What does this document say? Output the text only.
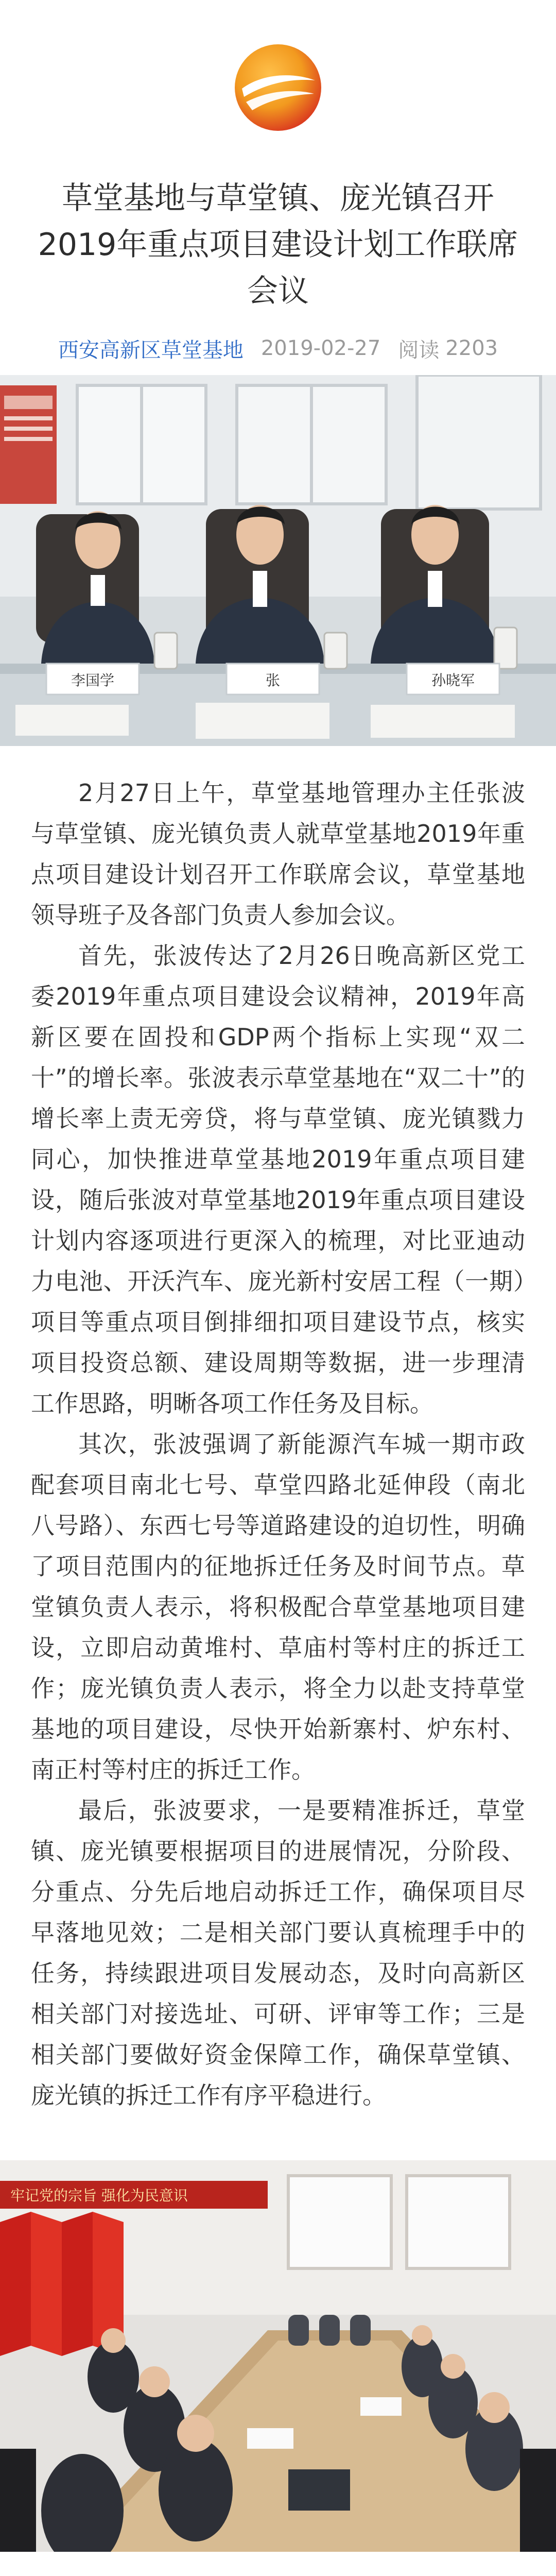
草堂基地与草堂镇、庞光镇召开2019年重点项目建设计划工作联席会议
西安高新区草堂基地 2019-02-27 阅读 2203
李国学	张	孙晓军

2月27日上午，草堂基地管理办主任张波与草堂镇、庞光镇负责人就草堂基地2019年重点项目建设计划召开工作联席会议，草堂基地领导班子及各部门负责人参加会议。

首先，张波传达了2月26日晚高新区党工委2019年重点项目建设会议精神，2019年高新区要在固投和GDP两个指标上实现“双二十”的增长率。张波表示草堂基地在“双二十”的增长率上责无旁贷，将与草堂镇、庞光镇戮力同心，加快推进草堂基地2019年重点项目建设，随后张波对草堂基地2019年重点项目建设计划内容逐项进行更深入的梳理，对比亚迪动力电池、开沃汽车、庞光新村安居工程（一期）项目等重点项目倒排细扣项目建设节点，核实项目投资总额、建设周期等数据，进一步理清工作思路，明晰各项工作任务及目标。

其次，张波强调了新能源汽车城一期市政配套项目南北七号、草堂四路北延伸段（南北八号路）、东西七号等道路建设的迫切性，明确了项目范围内的征地拆迁任务及时间节点。草堂镇负责人表示，将积极配合草堂基地项目建设，立即启动黄堆村、草庙村等村庄的拆迁工作；庞光镇负责人表示，将全力以赴支持草堂基地的项目建设，尽快开始新寨村、炉东村、南正村等村庄的拆迁工作。

最后，张波要求，一是要精准拆迁，草堂镇、庞光镇要根据项目的进展情况，分阶段、分重点、分先后地启动拆迁工作，确保项目尽早落地见效；二是相关部门要认真梳理手中的任务，持续跟进项目发展动态，及时向高新区相关部门对接选址、可研、评审等工作；三是相关部门要做好资金保障工作，确保草堂镇、庞光镇的拆迁工作有序平稳进行。

牢记党的宗旨 强化为民意识
